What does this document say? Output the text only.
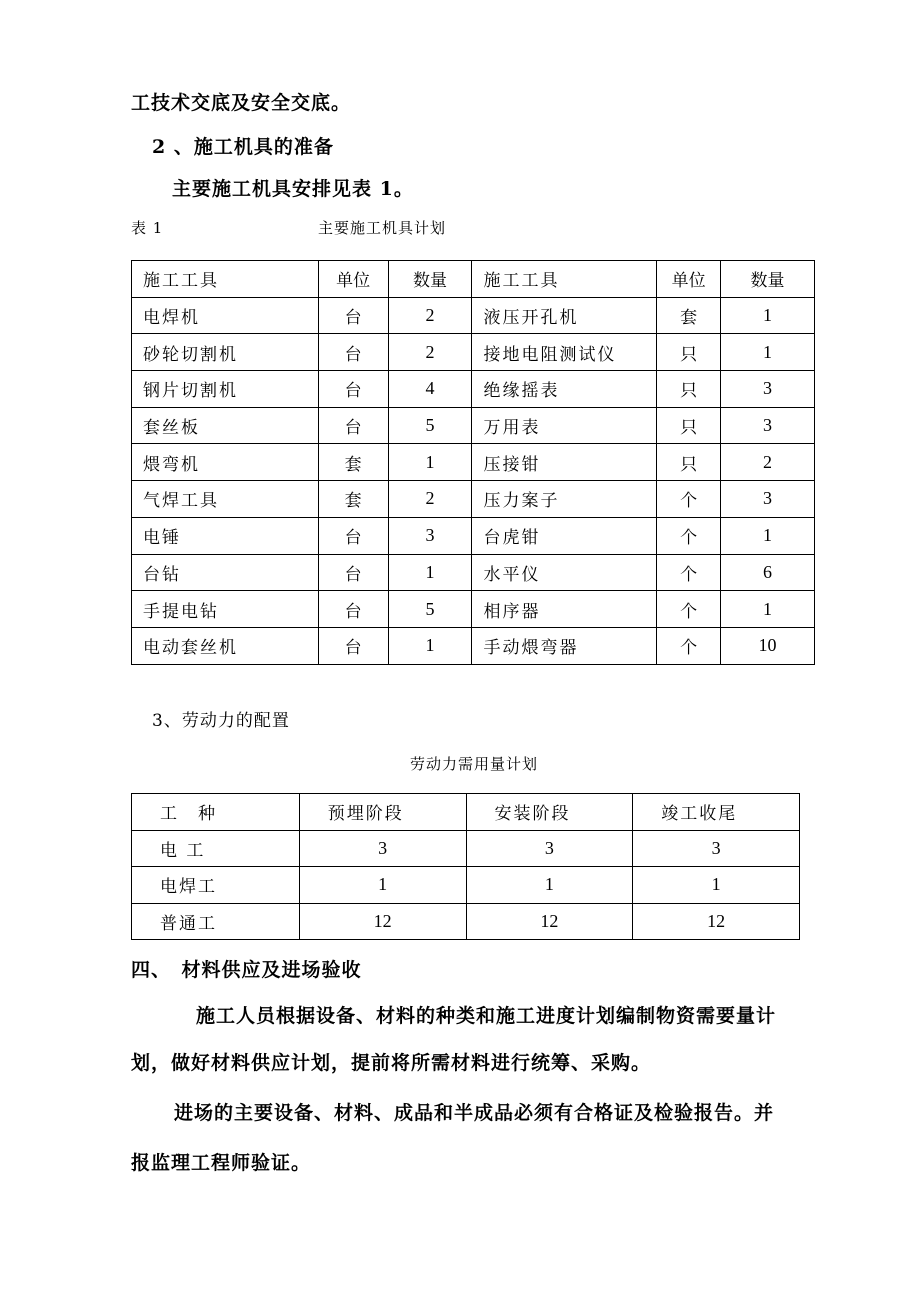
工技术交底及安全交底。
2 、施工机具的准备
主要施工机具安排见表 1。
表 1	主要施工机具计划
施工工具	单位	数量	施工工具	单位	数量
电焊机	台	2	液压开孔机	套	1
砂轮切割机	台	2	接地电阻测试仪	只	1
钢片切割机	台	4	绝缘摇表	只	3
套丝板	台	5	万用表	只	3
煨弯机	套	1	压接钳	只	2
气焊工具	套	2	压力案子	个	3
电锤	台	3	台虎钳	个	1
台钻	台	1	水平仪	个	6
手提电钻	台	5	相序器	个	1
电动套丝机	台	1	手动煨弯器	个	10
3、劳动力的配置
劳动力需用量计划
工　种	预埋阶段	安装阶段	竣工收尾
电 工	3	3	3
电焊工	1	1	1
普通工	12	12	12
四、　材料供应及进场验收
施工人员根据设备、材料的种类和施工进度计划编制物资需要量计
划，做好材料供应计划，提前将所需材料进行统筹、采购。
进场的主要设备、材料、成品和半成品必须有合格证及检验报告。并
报监理工程师验证。
